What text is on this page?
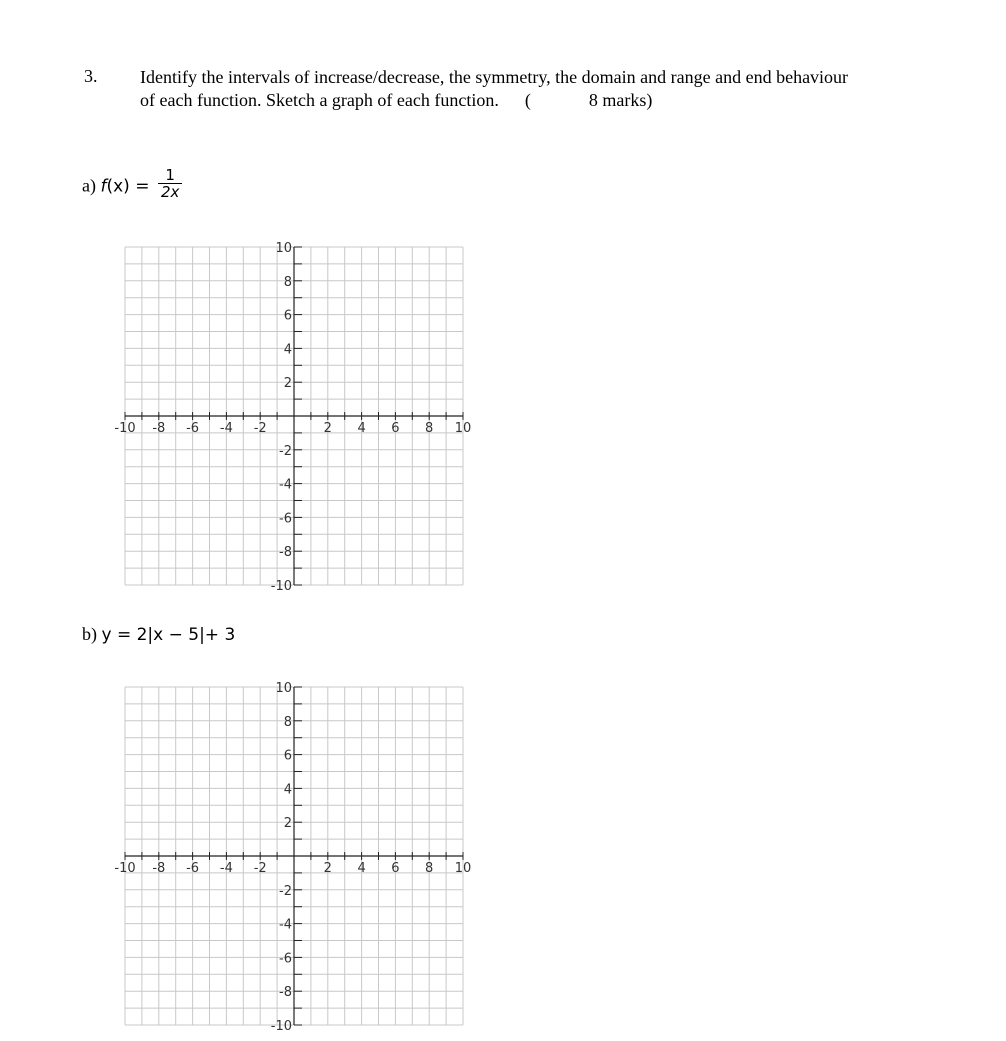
3. Identify the intervals of increase/decrease, the symmetry, the domain and range and end behaviour
of each function. Sketch a graph of each function. (	8 marks)
a) $f(x) = \frac{1}{2x}$
-10 -8 -6 -4 -2	2 4 6 8 10
10
8
6
4
2
-2
-4
-6
-8
-10
b) y = 2|x − 5|+ 3
-10 -8 -6 -4 -2	2 4 6 8 10
10
8
6
4
2
-2
-4
-6
-8
-10
